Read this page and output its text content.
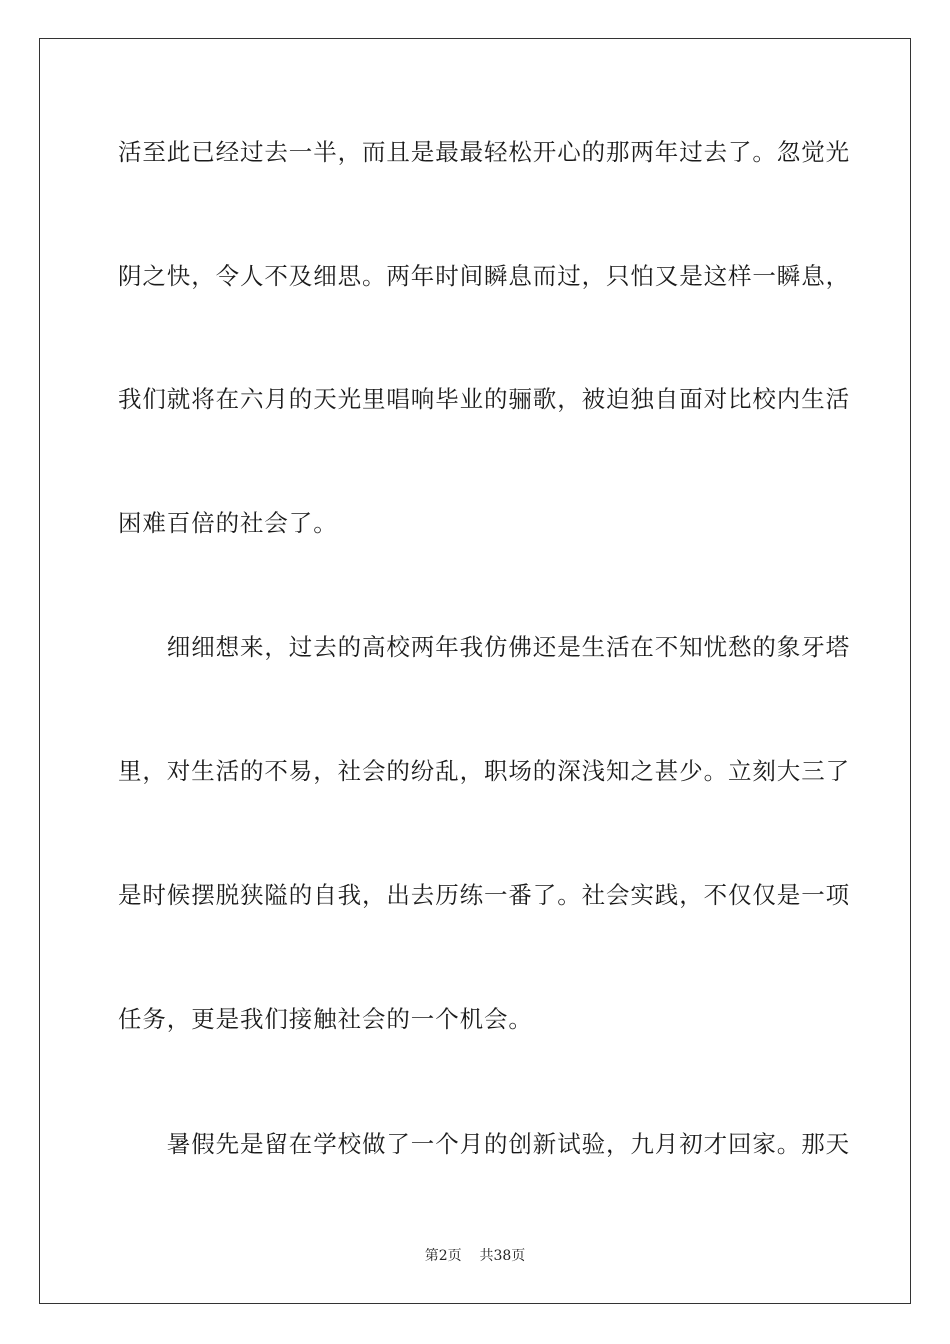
活至此已经过去一半，而且是最最轻松开心的那两年过去了。忽觉光
阴之快，令人不及细思。两年时间瞬息而过，只怕又是这样一瞬息，
我们就将在六月的天光里唱响毕业的骊歌，被迫独自面对比校内生活
困难百倍的社会了。
　　细细想来，过去的高校两年我仿佛还是生活在不知忧愁的象牙塔
里，对生活的不易，社会的纷乱，职场的深浅知之甚少。立刻大三了
是时候摆脱狭隘的自我，出去历练一番了。社会实践，不仅仅是一项
任务，更是我们接触社会的一个机会。
　　暑假先是留在学校做了一个月的创新试验，九月初才回家。那天
第2页 共38页
